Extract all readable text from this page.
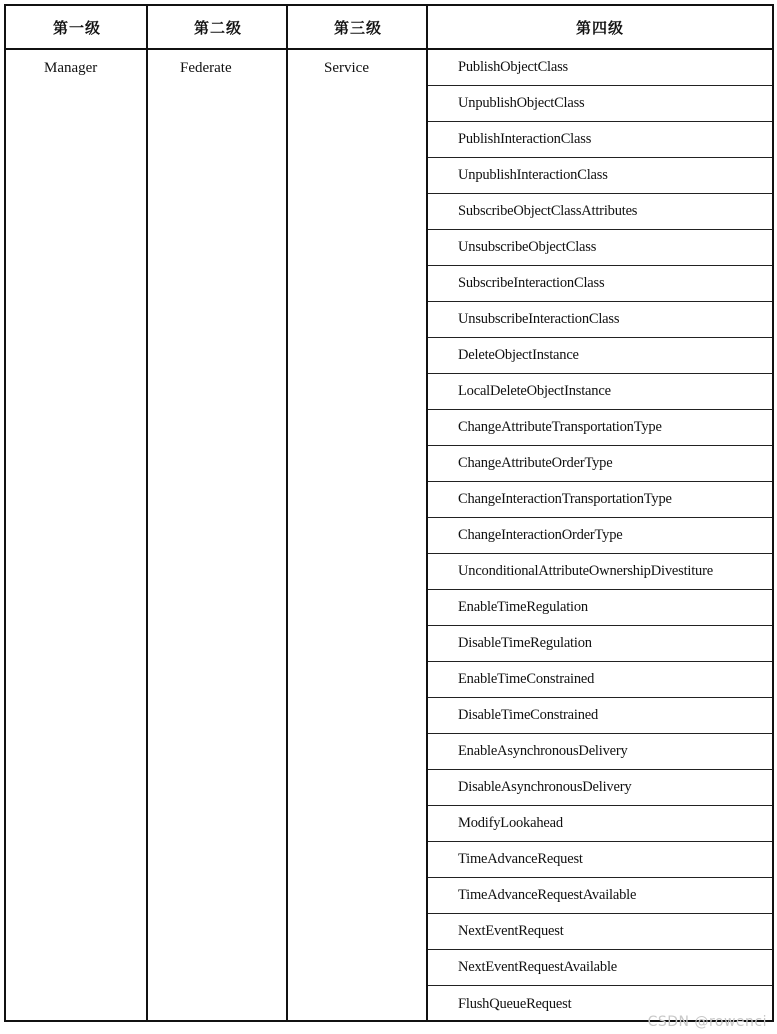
第一级	第二级	第三级	第四级
Manager	Federate	Service	PublishObjectClass
UnpublishObjectClass
PublishInteractionClass
UnpublishInteractionClass
SubscribeObjectClassAttributes
UnsubscribeObjectClass
SubscribeInteractionClass
UnsubscribeInteractionClass
DeleteObjectInstance
LocalDeleteObjectInstance
ChangeAttributeTransportationType
ChangeAttributeOrderType
ChangeInteractionTransportationType
ChangeInteractionOrderType
UnconditionalAttributeOwnershipDivestiture
EnableTimeRegulation
DisableTimeRegulation
EnableTimeConstrained
DisableTimeConstrained
EnableAsynchronousDelivery
DisableAsynchronousDelivery
ModifyLookahead
TimeAdvanceRequest
TimeAdvanceRequestAvailable
NextEventRequest
NextEventRequestAvailable
FlushQueueRequest
CSDN @rowenci
